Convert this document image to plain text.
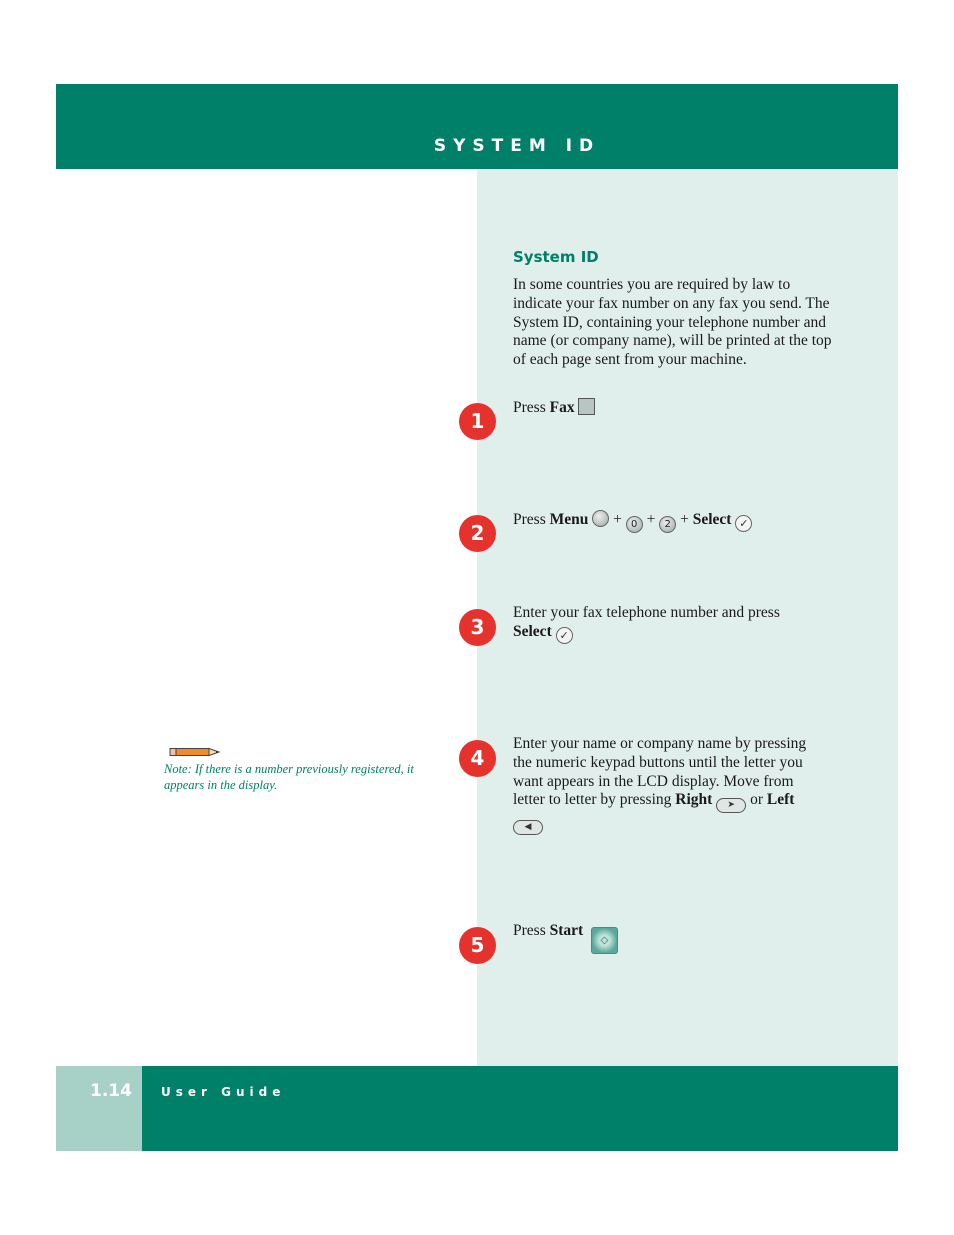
SYSTEM ID
System ID
In some countries you are required by law to indicate your fax number on any fax you send. The System ID, containing your telephone number and name (or company name), will be printed at the top of each page sent from your machine.
1
Press Fax
2
Press Menu + 0 + 2 + Select ✓
3
Enter your fax telephone number and press Select ✓
4
Enter your name or company name by pressing the numeric keypad buttons until the letter you want appears in the LCD display. Move from letter to letter by pressing Right ➤ or Left ◀
5
Press Start  ◇
Note: If there is a number previously registered, it appears in the display.
1.14 User Guide
